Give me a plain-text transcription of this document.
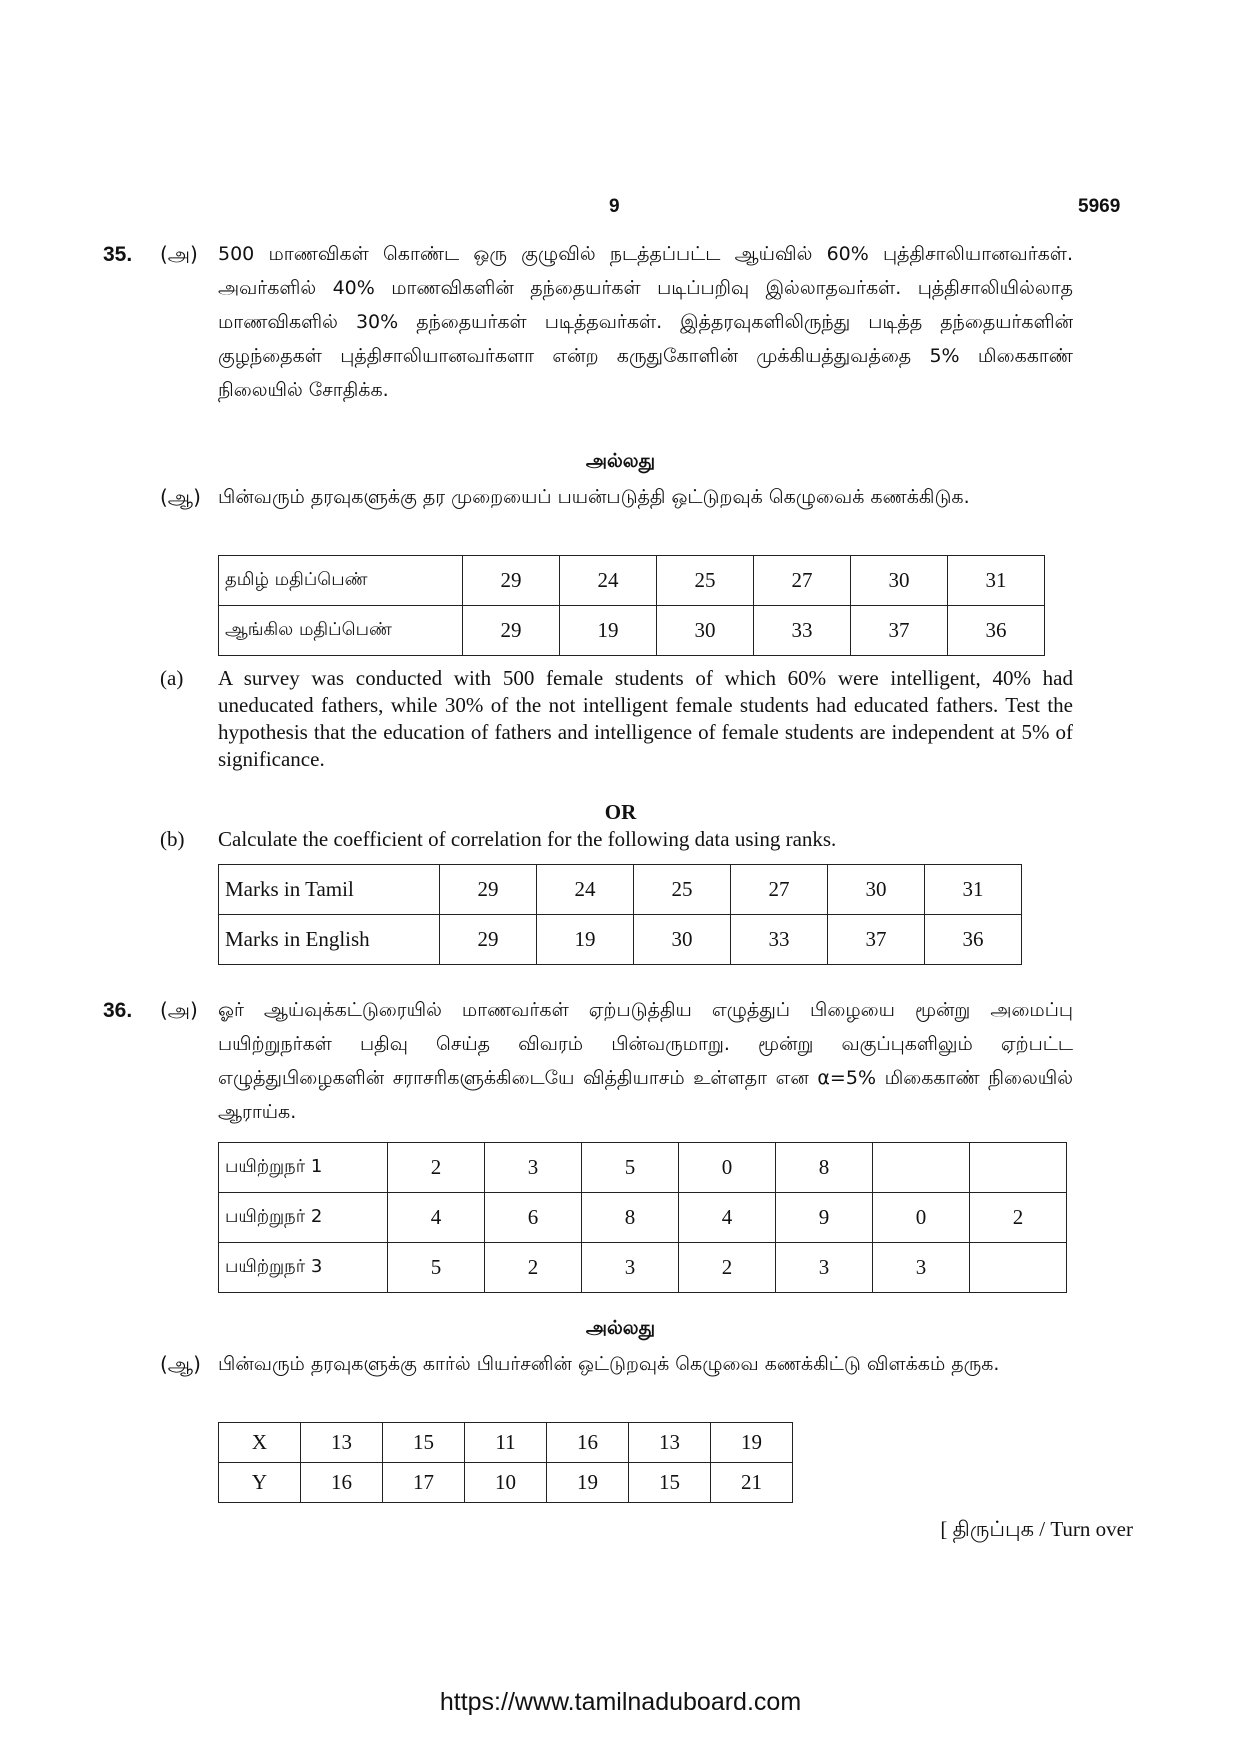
9	5969
35. (அ) 500 மாணவிகள் கொண்ட ஒரு குழுவில் நடத்தப்பட்ட ஆய்வில் 60% புத்திசாலியானவர்கள். அவர்களில் 40% மாணவிகளின் தந்தையர்கள் படிப்பறிவு இல்லாதவர்கள். புத்திசாலியில்லாத மாணவிகளில் 30% தந்தையர்கள் படித்தவர்கள். இத்தரவுகளிலிருந்து படித்த தந்தையர்களின் குழந்தைகள் புத்திசாலியானவர்களா என்ற கருதுகோளின் முக்கியத்துவத்தை 5% மிகைகாண் நிலையில் சோதிக்க.
அல்லது
(ஆ) பின்வரும் தரவுகளுக்கு தர முறையைப் பயன்படுத்தி ஒட்டுறவுக் கெழுவைக் கணக்கிடுக.
தமிழ் மதிப்பெண்	29	24	25	27	30	31
ஆங்கில மதிப்பெண்	29	19	30	33	37	36
(a) A survey was conducted with 500 female students of which 60% were intelligent, 40% had uneducated fathers, while 30% of the not intelligent female students had educated fathers. Test the hypothesis that the education of fathers and intelligence of female students are independent at 5% of significance.
OR
(b) Calculate the coefficient of correlation for the following data using ranks.
Marks in Tamil	29	24	25	27	30	31
Marks in English	29	19	30	33	37	36
36. (அ) ஓர் ஆய்வுக்கட்டுரையில் மாணவர்கள் ஏற்படுத்திய எழுத்துப் பிழையை மூன்று அமைப்பு பயிற்றுநர்கள் பதிவு செய்த விவரம் பின்வருமாறு. மூன்று வகுப்புகளிலும் ஏற்பட்ட எழுத்துபிழைகளின் சராசரிகளுக்கிடையே வித்தியாசம் உள்ளதா என α=5% மிகைகாண் நிலையில் ஆராய்க.
பயிற்றுநர் 1	2	3	5	0	8		
பயிற்றுநர் 2	4	6	8	4	9	0	2
பயிற்றுநர் 3	5	2	3	2	3	3	
அல்லது
(ஆ) பின்வரும் தரவுகளுக்கு கார்ல் பியர்சனின் ஒட்டுறவுக் கெழுவை கணக்கிட்டு விளக்கம் தருக.
X	13	15	11	16	13	19
Y	16	17	10	19	15	21
[ திருப்புக / Turn over
https://www.tamilnaduboard.com
